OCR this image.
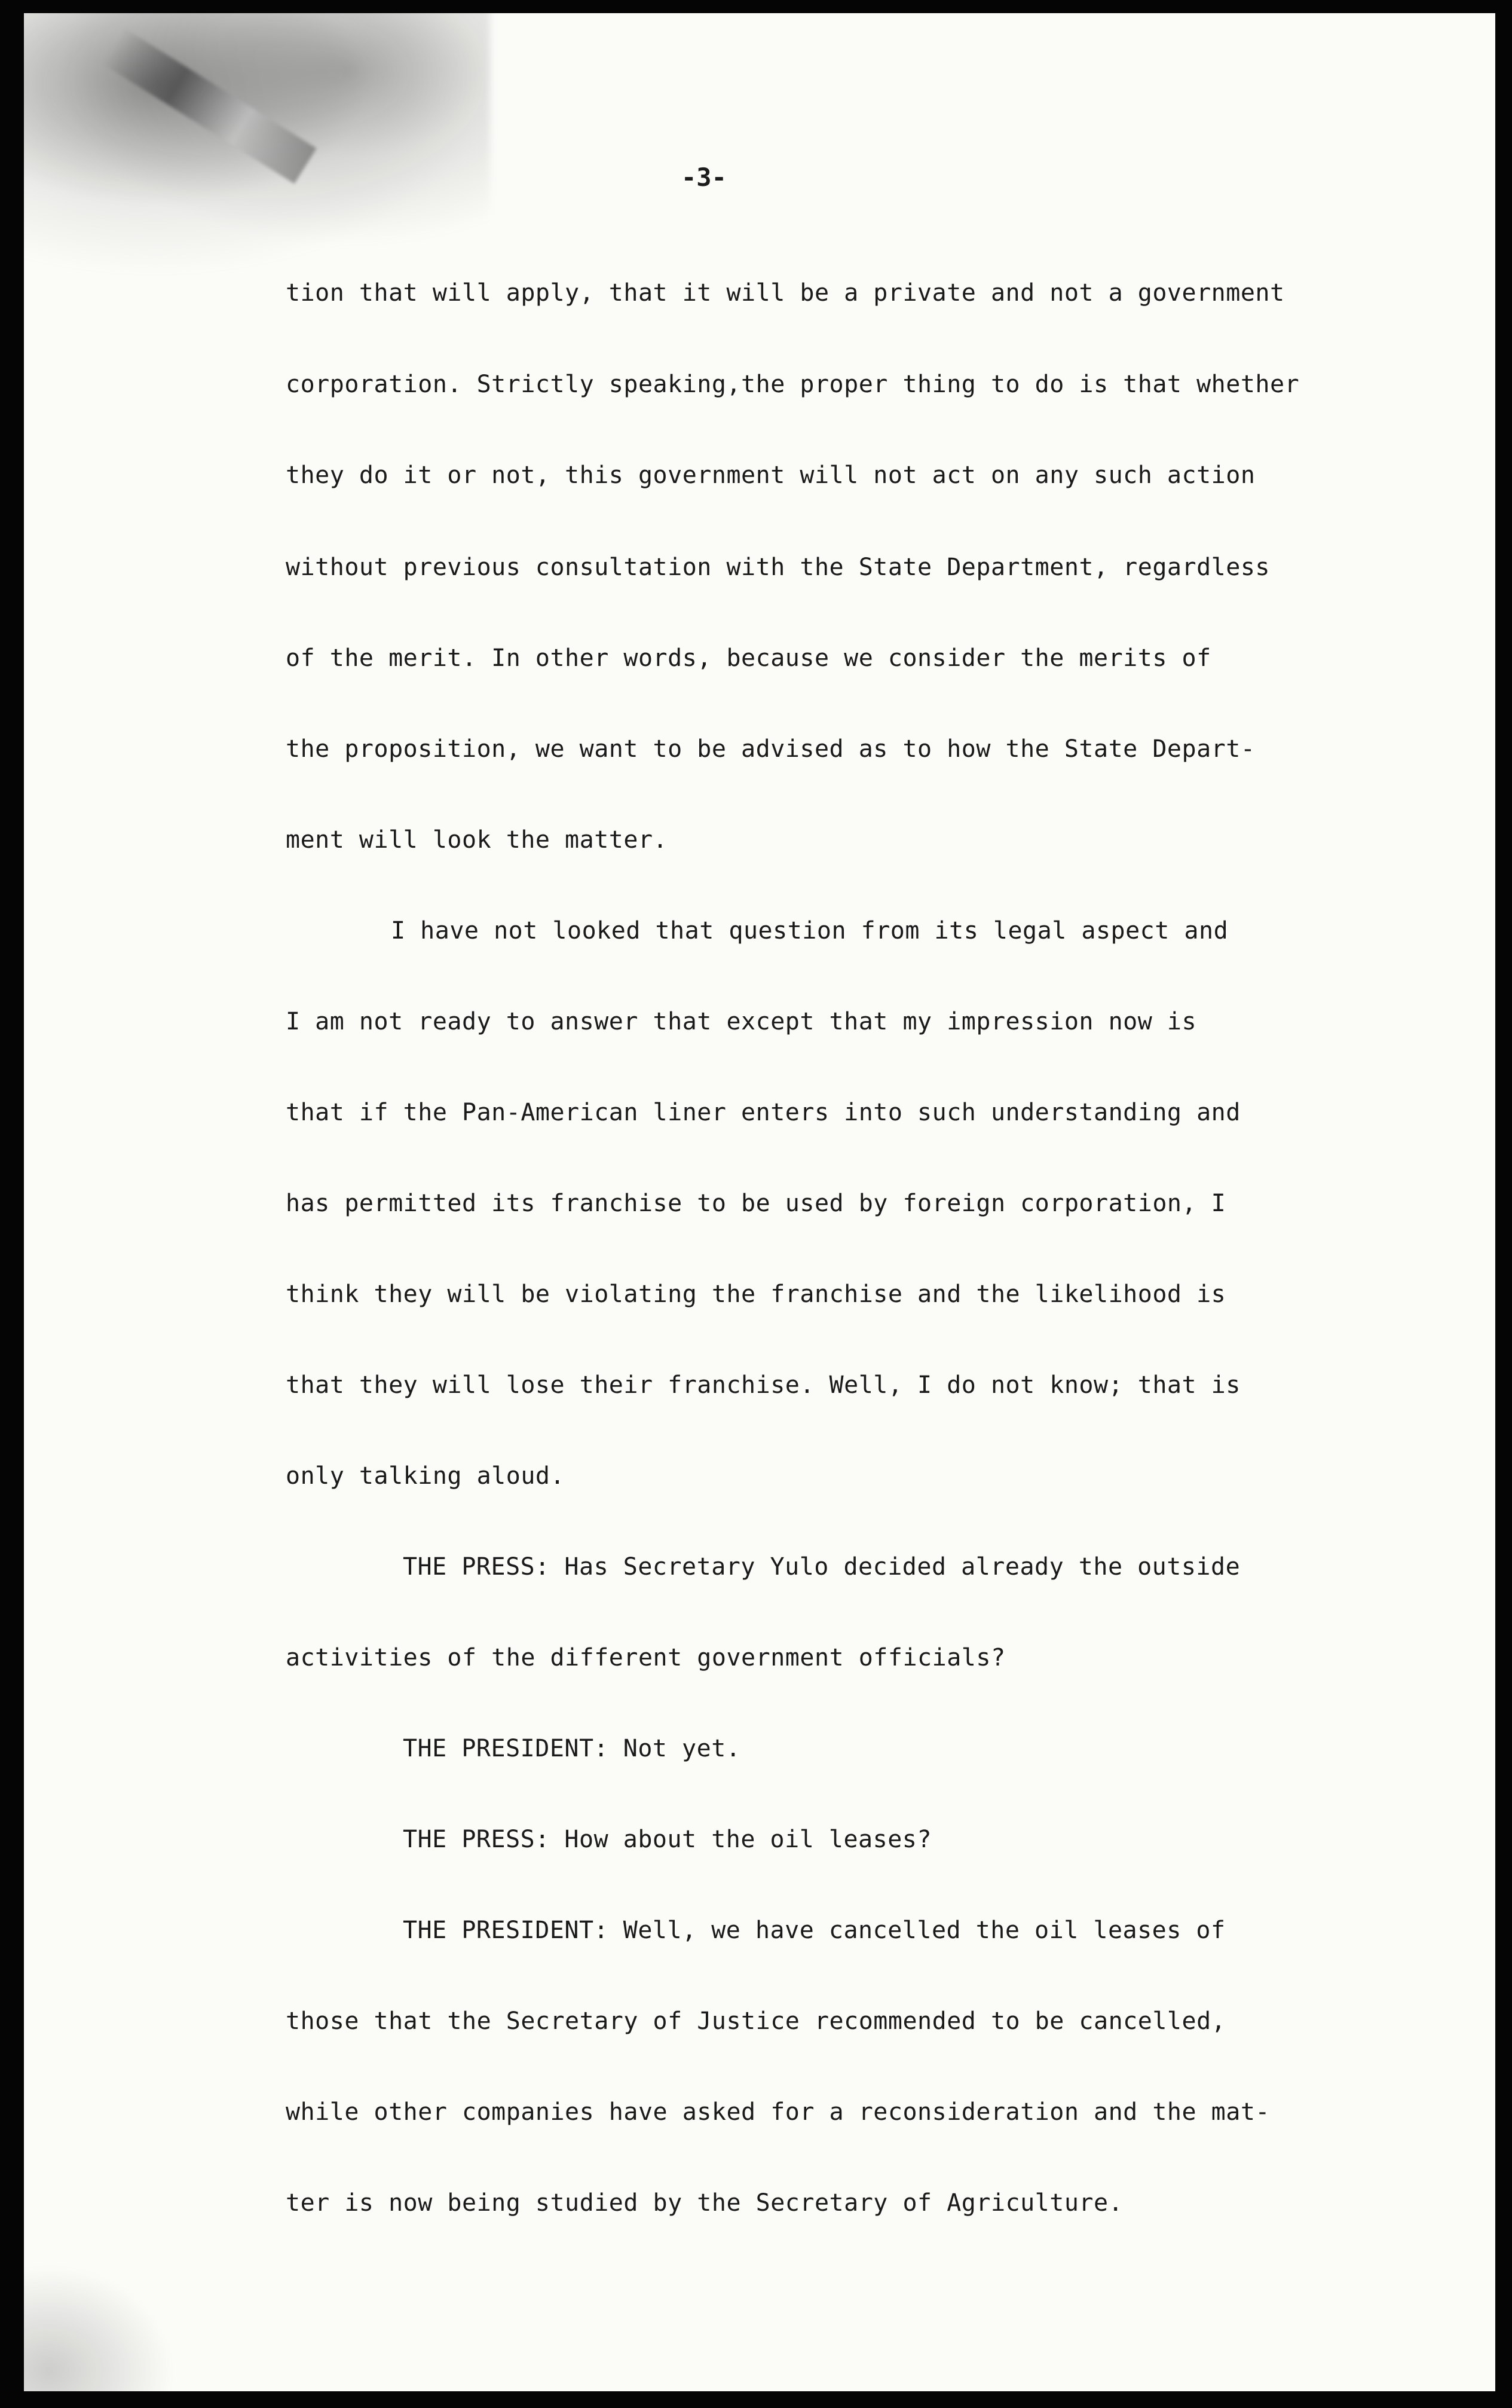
-3-
tion that will apply, that it will be a private and not a government
corporation. Strictly speaking,the proper thing to do is that whether
they do it or not, this government will not act on any such action
without previous consultation with the State Department, regardless
of the merit. In other words, because we consider the merits of
the proposition, we want to be advised as to how the State Depart-
ment will look the matter.
I have not looked that question from its legal aspect and
I am not ready to answer that except that my impression now is
that if the Pan-American liner enters into such understanding and
has permitted its franchise to be used by foreign corporation, I
think they will be violating the franchise and the likelihood is
that they will lose their franchise. Well, I do not know; that is
only talking aloud.
THE PRESS: Has Secretary Yulo decided already the outside
activities of the different government officials?
THE PRESIDENT: Not yet.
THE PRESS: How about the oil leases?
THE PRESIDENT: Well, we have cancelled the oil leases of
those that the Secretary of Justice recommended to be cancelled,
while other companies have asked for a reconsideration and the mat-
ter is now being studied by the Secretary of Agriculture.
